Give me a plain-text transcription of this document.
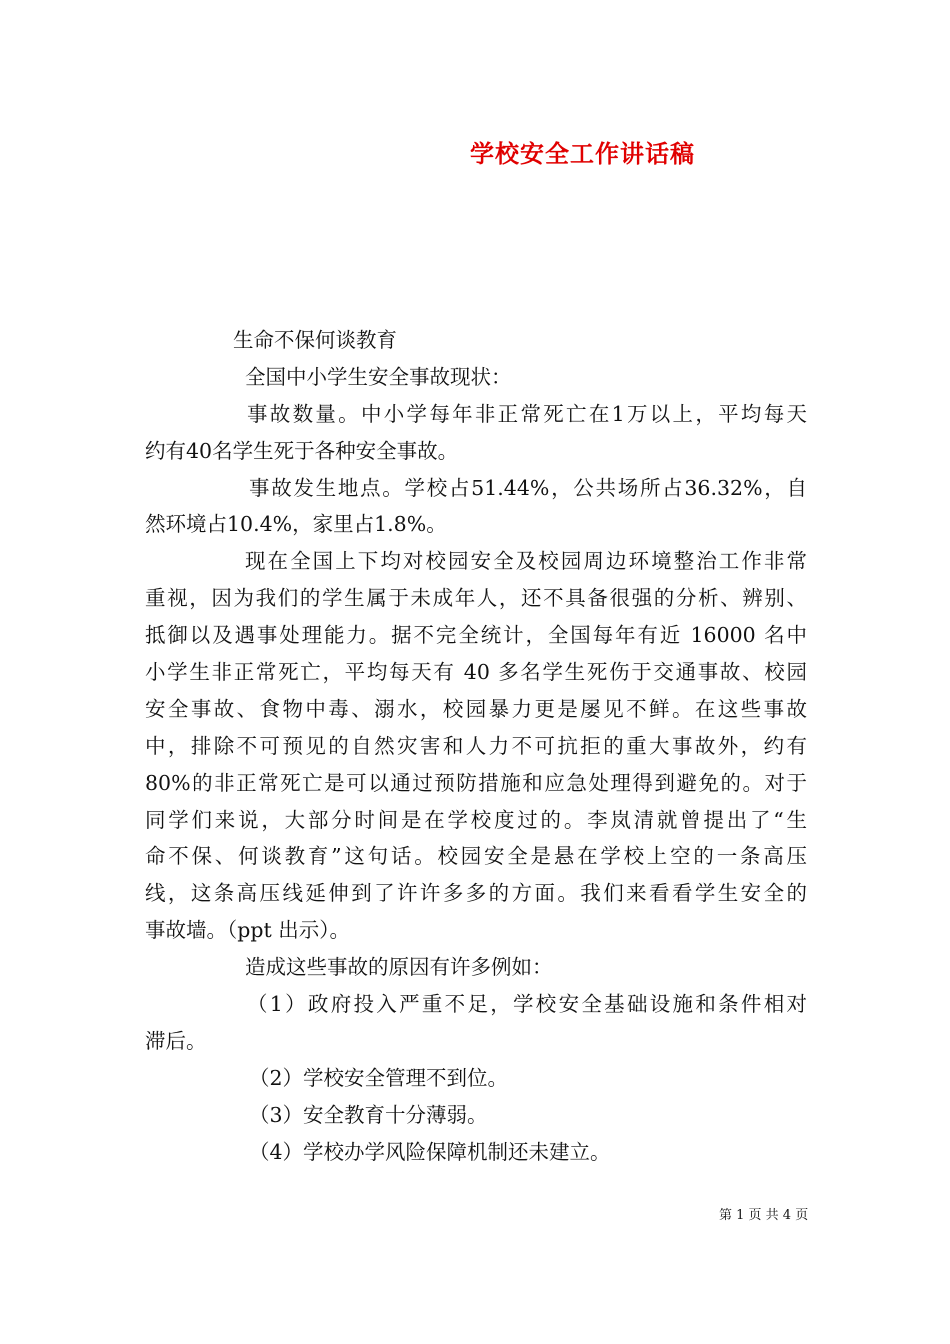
学校安全工作讲话稿
生命不保何谈教育
全国中小学生安全事故现状：
事故数量。中小学每年非正常死亡在1万以上，平均每天
约有40名学生死于各种安全事故。
事故发生地点。学校占51.44%，公共场所占36.32%，自
然环境占10.4%，家里占1.8%。
现在全国上下均对校园安全及校园周边环境整治工作非常
重视，因为我们的学生属于未成年人，还不具备很强的分析、辨别、
抵御以及遇事处理能力。据不完全统计，全国每年有近 16000 名中
小学生非正常死亡，平均每天有 40 多名学生死伤于交通事故、校园
安全事故、食物中毒、溺水，校园暴力更是屡见不鲜。在这些事故
中，排除不可预见的自然灾害和人力不可抗拒的重大事故外，约有
80%的非正常死亡是可以通过预防措施和应急处理得到避免的。对于
同学们来说，大部分时间是在学校度过的。李岚清就曾提出了“生
命不保、何谈教育”这句话。校园安全是悬在学校上空的一条高压
线，这条高压线延伸到了许许多多的方面。我们来看看学生安全的
事故墙。（ppt 出示）。
造成这些事故的原因有许多例如：
（1）政府投入严重不足，学校安全基础设施和条件相对
滞后。
（2）学校安全管理不到位。
（3）安全教育十分薄弱。
（4）学校办学风险保障机制还未建立。
第 1 页 共 4 页
